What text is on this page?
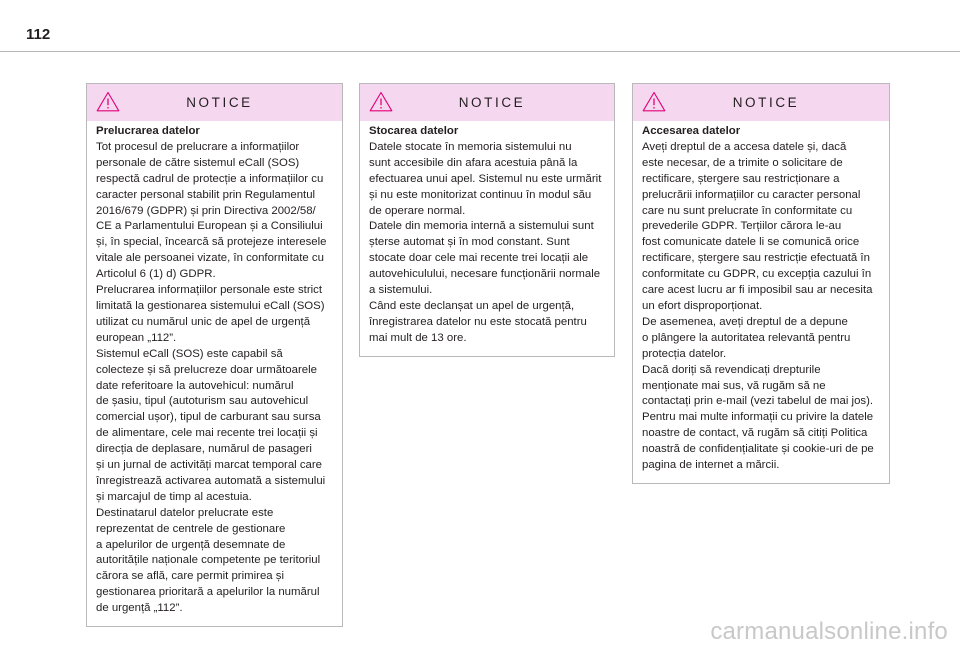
112
NOTICE

Prelucrarea datelor

Tot procesul de prelucrare a informațiilor

personale de către sistemul eCall (SOS)

respectă cadrul de protecție a informațiilor cu

caracter personal stabilit prin Regulamentul

2016/679 (GDPR) și prin Directiva 2002/58/

CE a Parlamentului European și a Consiliului

și, în special, încearcă să protejeze interesele

vitale ale persoanei vizate, în conformitate cu

Articolul 6 (1) d) GDPR.

Prelucrarea informațiilor personale este strict

limitată la gestionarea sistemului eCall (SOS)

utilizat cu numărul unic de apel de urgență

european „112”.

Sistemul eCall (SOS) este capabil să

colecteze și să prelucreze doar următoarele

date referitoare la autovehicul: numărul

de șasiu, tipul (autoturism sau autovehicul

comercial ușor), tipul de carburant sau sursa

de alimentare, cele mai recente trei locații și

direcția de deplasare, numărul de pasageri

și un jurnal de activități marcat temporal care

înregistrează activarea automată a sistemului

și marcajul de timp al acestuia.

Destinatarul datelor prelucrate este

reprezentat de centrele de gestionare

a apelurilor de urgență desemnate de

autoritățile naționale competente pe teritoriul

cărora se află, care permit primirea și

gestionarea prioritară a apelurilor la numărul

de urgență „112”.

NOTICE

Stocarea datelor

Datele stocate în memoria sistemului nu

sunt accesibile din afara acestuia până la

efectuarea unui apel. Sistemul nu este urmărit

și nu este monitorizat continuu în modul său

de operare normal.

Datele din memoria internă a sistemului sunt

șterse automat și în mod constant. Sunt

stocate doar cele mai recente trei locații ale

autovehiculului, necesare funcționării normale

a sistemului.

Când este declanșat un apel de urgență,

înregistrarea datelor nu este stocată pentru

mai mult de 13 ore.

NOTICE

Accesarea datelor

Aveți dreptul de a accesa datele și, dacă

este necesar, de a trimite o solicitare de

rectificare, ștergere sau restricționare a

prelucrării informațiilor cu caracter personal

care nu sunt prelucrate în conformitate cu

prevederile GDPR. Terțiilor cărora le-au

fost comunicate datele li se comunică orice

rectificare, ștergere sau restricție efectuată în

conformitate cu GDPR, cu excepția cazului în

care acest lucru ar fi imposibil sau ar necesita

un efort disproporționat.

De asemenea, aveți dreptul de a depune

o plângere la autoritatea relevantă pentru

protecția datelor.

Dacă doriți să revendicați drepturile

menționate mai sus, vă rugăm să ne

contactați prin e-mail (vezi tabelul de mai jos).

Pentru mai multe informații cu privire la datele

noastre de contact, vă rugăm să citiți Politica

noastră de confidențialitate și cookie-uri de pe

pagina de internet a mărcii.

carmanualsonline.info
